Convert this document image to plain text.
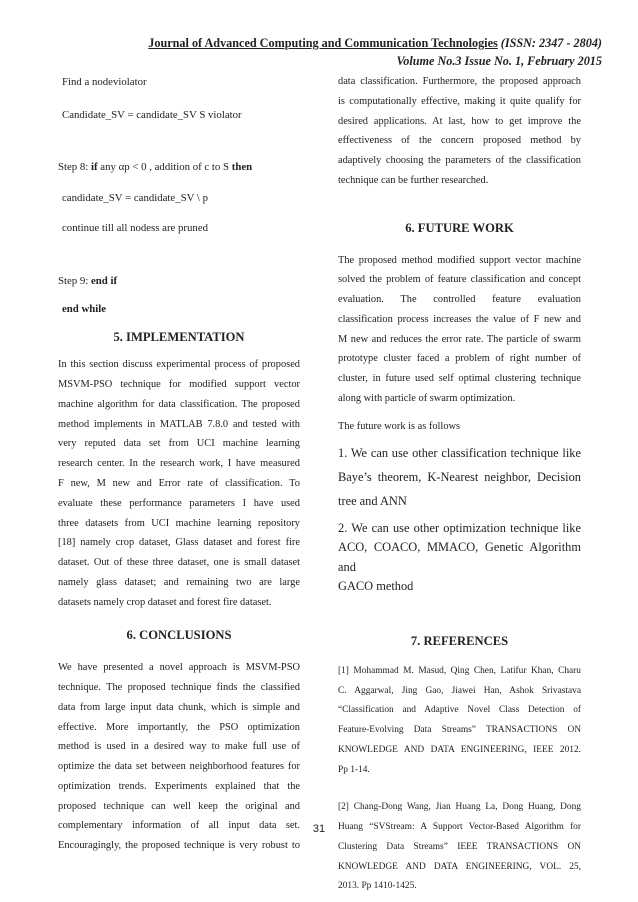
Journal of Advanced Computing and Communication Technologies (ISSN: 2347 - 2804)
Volume No.3 Issue No. 1, February 2015

Find a nodeviolator

Candidate_SV = candidate_SV S violator

Step 8: if any αp < 0 , addition of c to S then

candidate_SV = candidate_SV \ p

continue till all nodess are pruned

Step 9: end if

end while

5. IMPLEMENTATION

In this section discuss experimental process of proposed

MSVM-PSO technique for modified support vector

machine algorithm for data classification. The proposed

method implements in MATLAB 7.8.0 and tested with

very reputed data set from UCI machine learning

research center. In the research work, I have measured

F new, M new and Error rate of classification. To

evaluate these performance parameters I have used

three datasets from UCI machine learning repository

[18] namely crop dataset, Glass dataset and forest fire

dataset. Out of these three dataset, one is small dataset

namely glass dataset; and remaining two are large

datasets namely crop dataset and forest fire dataset.

6. CONCLUSIONS

We have presented a novel approach is MSVM-PSO

technique. The proposed technique finds the classified

data from large input data chunk, which is simple and

effective. More importantly, the PSO optimization

method is used in a desired way to make full use of

optimize the data set between neighborhood features for

optimization trends. Experiments explained that the

proposed technique can well keep the original and

complementary information of all input data set.

Encouragingly, the proposed technique is very robust to

data classification. Furthermore, the proposed approach

is computationally effective, making it quite qualify for

desired applications. At last, how to get improve the

effectiveness of the concern proposed method by

adaptively choosing the parameters of the classification

technique can be further researched.

6. FUTURE WORK

The proposed method modified support vector machine

solved the problem of feature classification and concept

evaluation. The controlled feature evaluation

classification process increases the value of F new and

M new and reduces the error rate. The particle of swarm

prototype cluster faced a problem of right number of

cluster, in future used self optimal clustering technique

along with particle of swarm optimization.

The future work is as follows

1. We can use other classification technique like

Baye’s theorem, K-Nearest neighbor, Decision

tree and ANN

2. We can use other optimization technique like

ACO, COACO, MMACO, Genetic Algorithm and

GACO method

7. REFERENCES

[1] Mohammad M. Masud, Qing Chen, Latifur Khan, Charu

C. Aggarwal, Jing Gao, Jiawei Han, Ashok Srivastava

“Classification and Adaptive Novel Class Detection of

Feature-Evolving Data Streams” TRANSACTIONS ON

KNOWLEDGE AND DATA ENGINEERING, IEEE 2012.

Pp 1-14.

[2] Chang-Dong Wang, Jian Huang La, Dong Huang, Dong

Huang “SVStream: A Support Vector-Based Algorithm for

Clustering Data Streams” IEEE TRANSACTIONS ON

KNOWLEDGE AND DATA ENGINEERING, VOL. 25,

2013. Pp 1410-1425.

31
